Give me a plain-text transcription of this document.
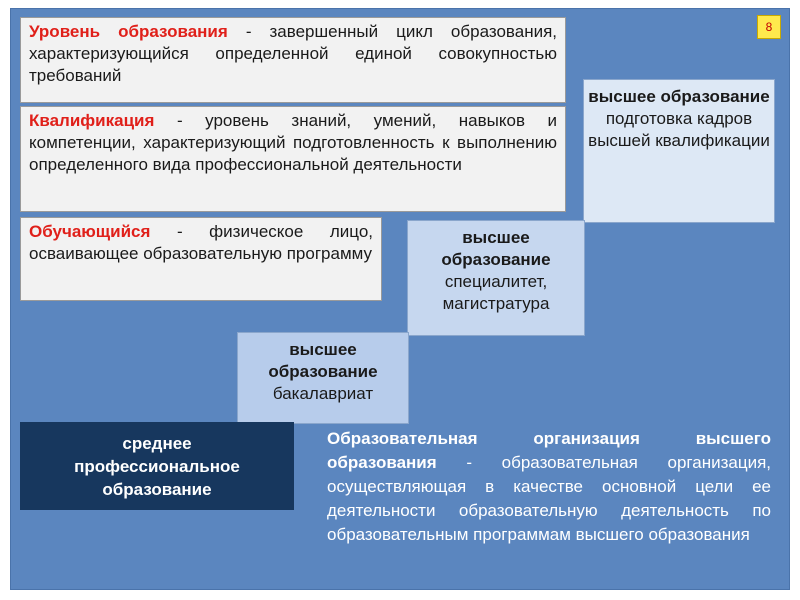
8
Уровень образования - завершенный цикл образования, характеризующийся определенной единой совокупностью требований
Квалификация - уровень знаний, умений, навыков и компетенции, характеризующий подготовленность к выполнению определенного вида профессиональной деятельности
Обучающийся - физическое лицо, осваивающее образовательную программу
высшее образование
подготовка кадров высшей квалификации
высшее образование
специалитет, магистратура
высшее образование
бакалавриат
среднее
профессиональное
образование
Образовательная организация высшего образования - образовательная организация, осуществляющая в качестве основной цели ее деятельности образовательную деятельность по образовательным программам высшего образования
